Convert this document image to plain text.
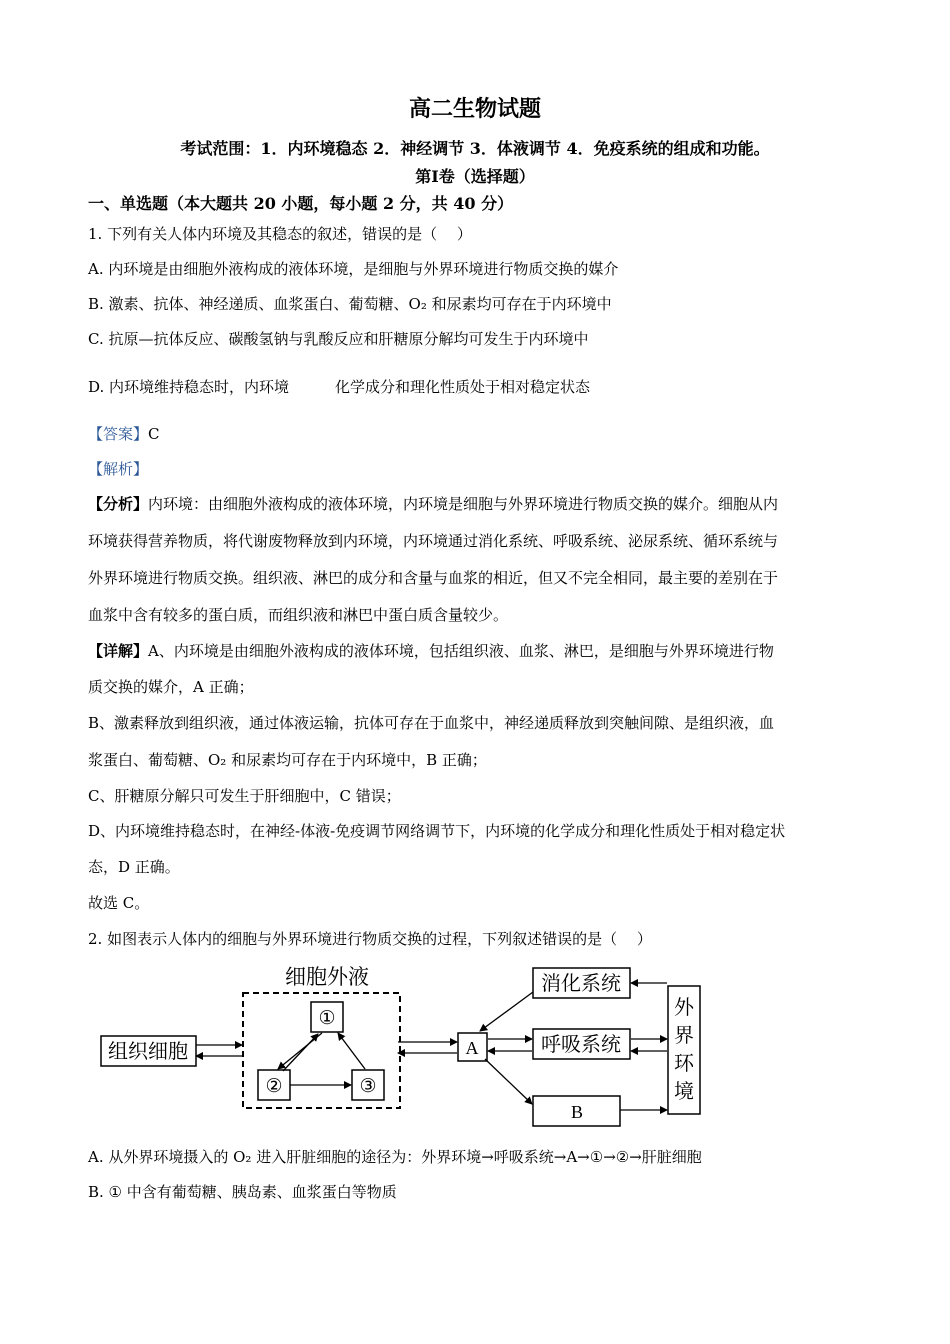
高二生物试题
考试范围：1．内环境稳态 2．神经调节 3．体液调节 4．免疫系统的组成和功能。
第Ⅰ卷（选择题）
一、单选题（本大题共 20 小题，每小题 2 分，共 40 分）
1. 下列有关人体内环境及其稳态的叙述，错误的是（　 ）
A. 内环境是由细胞外液构成的液体环境，是细胞与外界环境进行物质交换的媒介
B. 激素、抗体、神经递质、血浆蛋白、葡萄糖、O₂ 和尿素均可存在于内环境中
C. 抗原—抗体反应、碳酸氢钠与乳酸反应和肝糖原分解均可发生于内环境中
D. 内环境维持稳态时，内环境	化学成分和理化性质处于相对稳定状态
【答案】C
【解析】
【分析】内环境：由细胞外液构成的液体环境，内环境是细胞与外界环境进行物质交换的媒介。细胞从内
环境获得营养物质，将代谢废物释放到内环境，内环境通过消化系统、呼吸系统、泌尿系统、循环系统与
外界环境进行物质交换。组织液、淋巴的成分和含量与血浆的相近，但又不完全相同，最主要的差别在于
血浆中含有较多的蛋白质，而组织液和淋巴中蛋白质含量较少。
【详解】A、内环境是由细胞外液构成的液体环境，包括组织液、血浆、淋巴，是细胞与外界环境进行物
质交换的媒介，A 正确；
B、激素释放到组织液，通过体液运输，抗体可存在于血浆中，神经递质释放到突触间隙、是组织液，血
浆蛋白、葡萄糖、O₂ 和尿素均可存在于内环境中，B 正确；
C、肝糖原分解只可发生于肝细胞中，C 错误；
D、内环境维持稳态时，在神经-体液-免疫调节网络调节下，内环境的化学成分和理化性质处于相对稳定状
态，D 正确。
故选 C。
2. 如图表示人体内的细胞与外界环境进行物质交换的过程，下列叙述错误的是（　 ）
细胞外液
组织细胞
①
②	③
A
消化系统
呼吸系统
B
外
界
环
境
A. 从外界环境摄入的 O₂ 进入肝脏细胞的途径为：外界环境→呼吸系统→A→①→②→肝脏细胞
B. ① 中含有葡萄糖、胰岛素、血浆蛋白等物质
